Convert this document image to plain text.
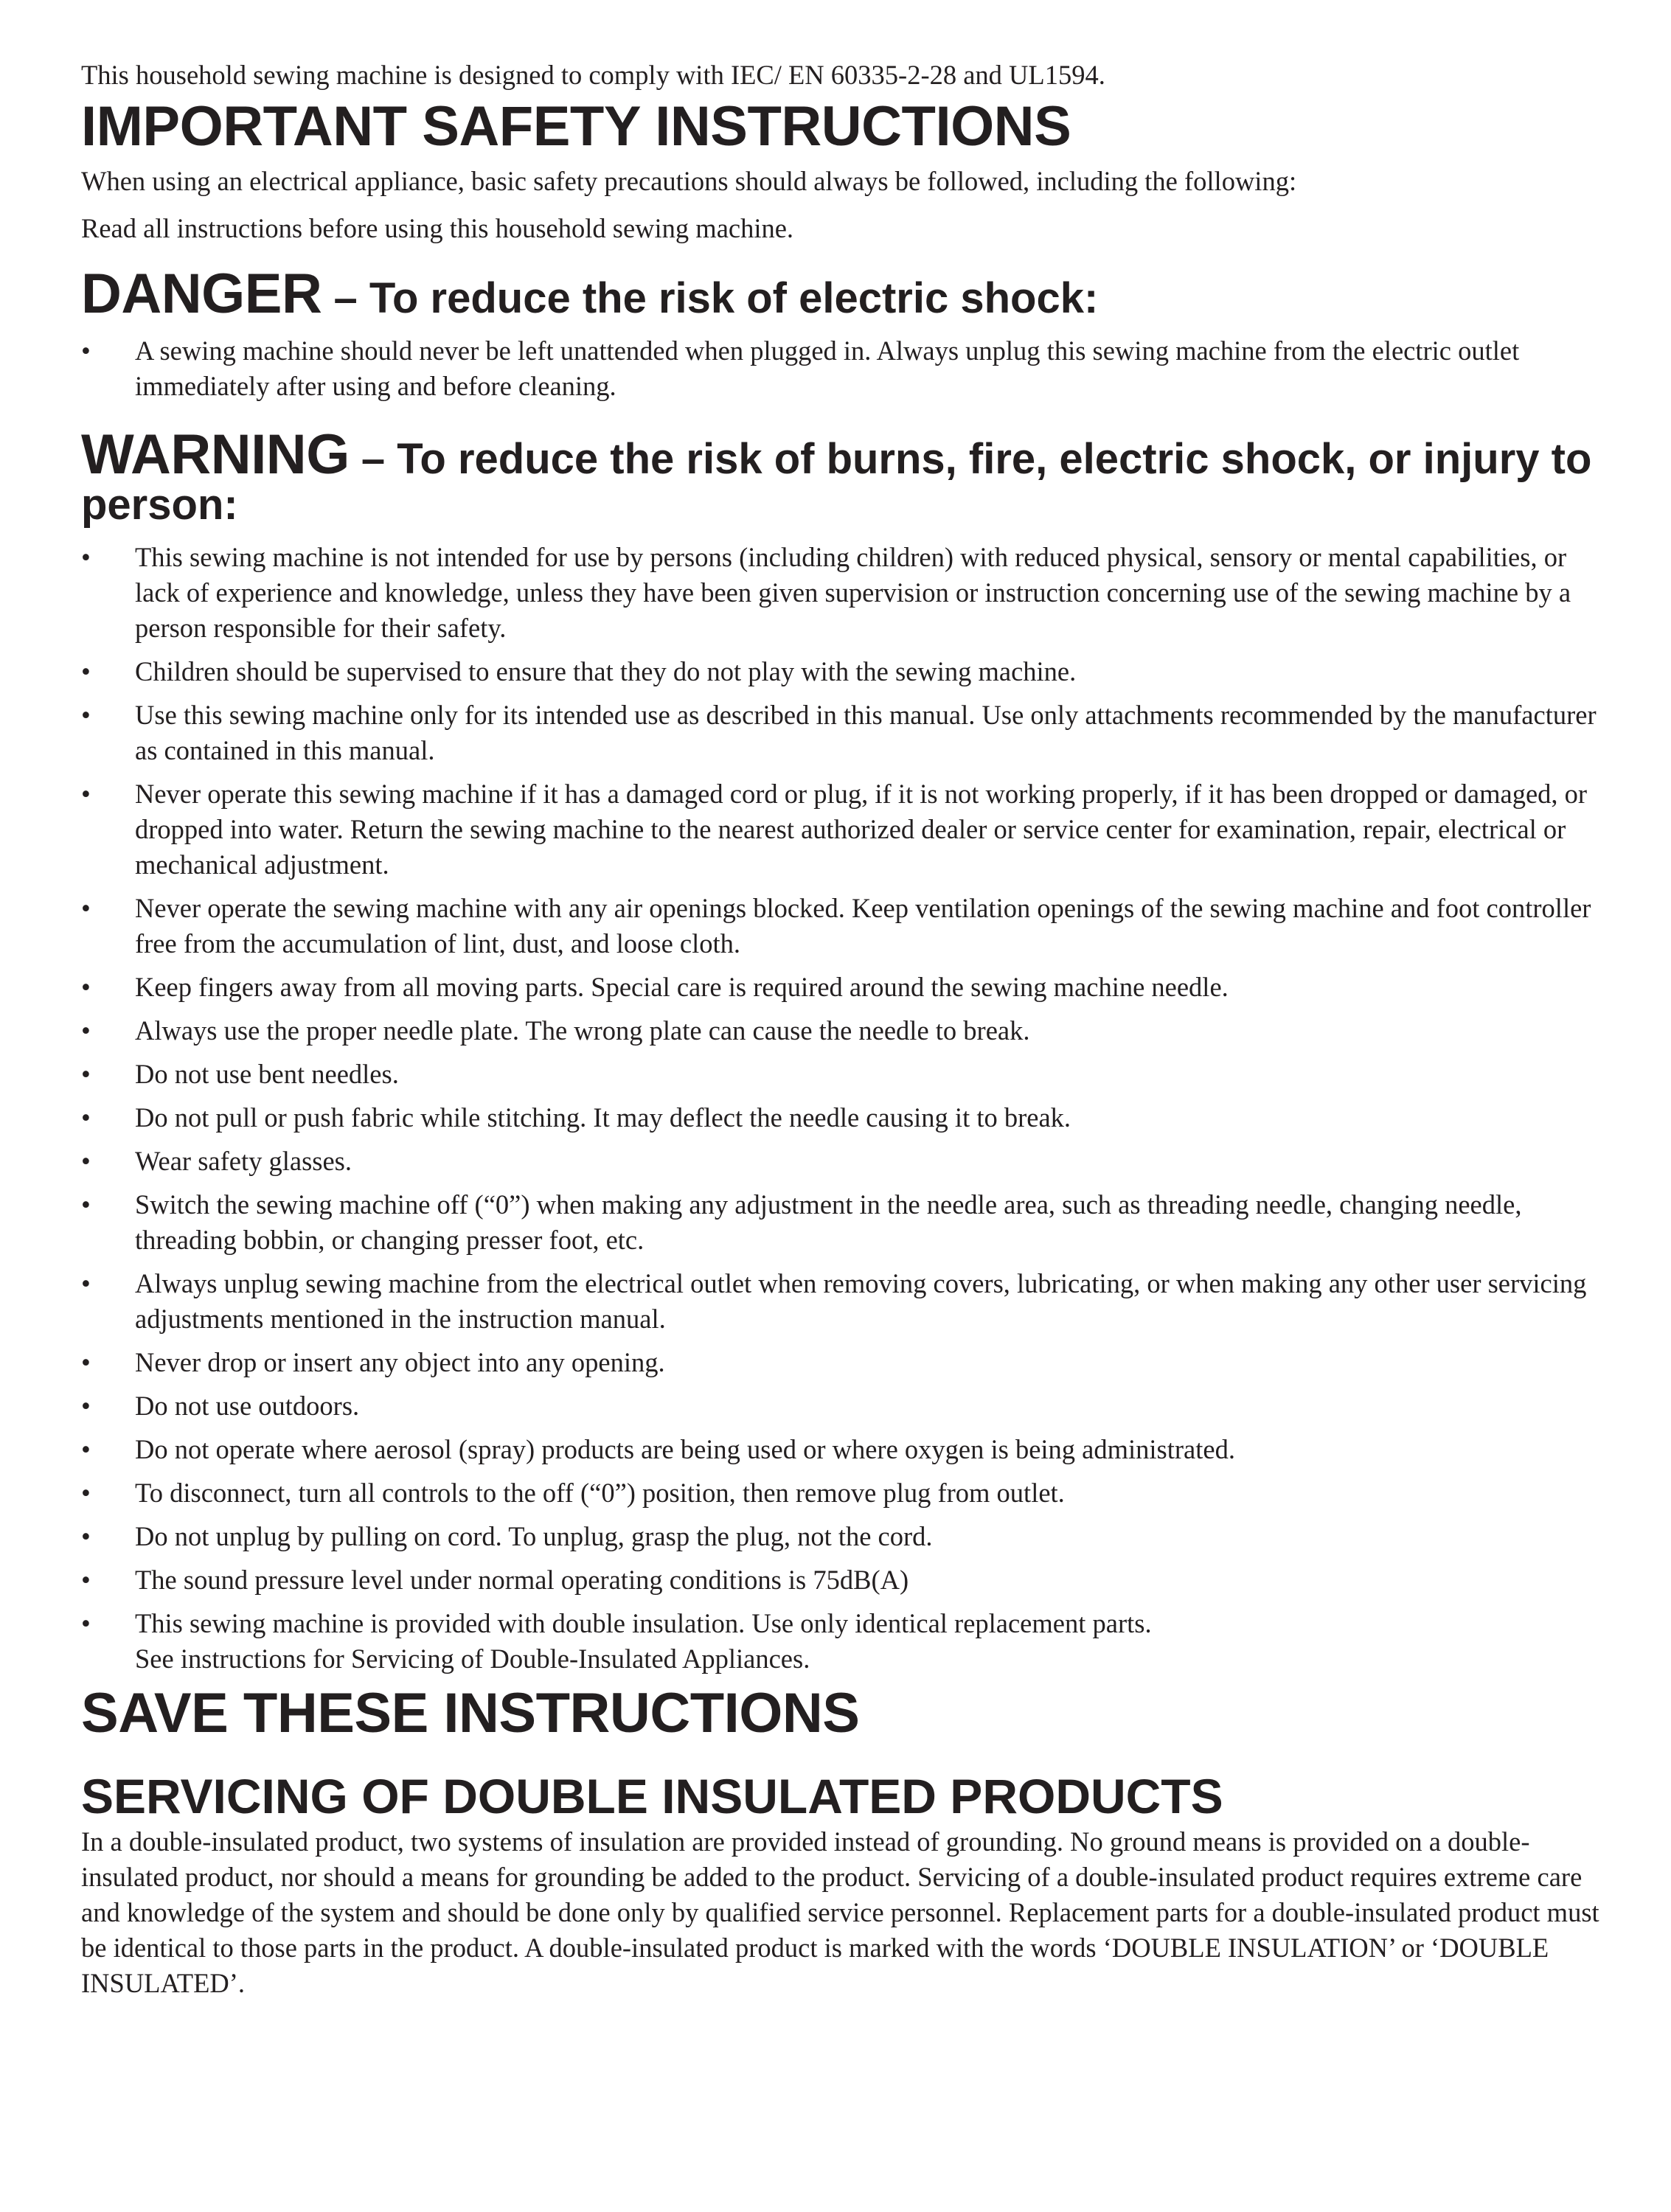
This household sewing machine is designed to comply with IEC/ EN 60335-2-28 and UL1594.

IMPORTANT SAFETY INSTRUCTIONS

When using an electrical appliance, basic safety precautions should always be followed, including the following:

Read all instructions before using this household sewing machine.

DANGER – To reduce the risk of electric shock:
•	A sewing machine should never be left unattended when plugged in. Always unplug this sewing machine from the electric outlet immediately after using and before cleaning.
WARNING – To reduce the risk of burns, fire, electric shock, or injury to person:
•	This sewing machine is not intended for use by persons (including children) with reduced physical, sensory or mental capabilities, or lack of experience and knowledge, unless they have been given supervision or instruction concerning use of the sewing machine by a person responsible for their safety.
•	Children should be supervised to ensure that they do not play with the sewing machine.
•	Use this sewing machine only for its intended use as described in this manual. Use only attachments recommended by the manufacturer as contained in this manual.
•	Never operate this sewing machine if it has a damaged cord or plug, if it is not working properly, if it has been dropped or damaged, or dropped into water. Return the sewing machine to the nearest authorized dealer or service center for examination, repair, electrical or mechanical adjustment.
•	Never operate the sewing machine with any air openings blocked. Keep ventilation openings of the sewing machine and foot controller free from the accumulation of lint, dust, and loose cloth.
•	Keep fingers away from all moving parts. Special care is required around the sewing machine needle.
•	Always use the proper needle plate. The wrong plate can cause the needle to break.
•	Do not use bent needles.
•	Do not pull or push fabric while stitching. It may deflect the needle causing it to break.
•	Wear safety glasses.
•	Switch the sewing machine off (“0”) when making any adjustment in the needle area, such as threading needle, changing needle, threading bobbin, or changing presser foot, etc.
•	Always unplug sewing machine from the electrical outlet when removing covers, lubricating, or when making any other user servicing adjustments mentioned in the instruction manual.
•	Never drop or insert any object into any opening.
•	Do not use outdoors.
•	Do not operate where aerosol (spray) products are being used or where oxygen is being administrated.
•	To disconnect, turn all controls to the off (“0”) position, then remove plug from outlet.
•	Do not unplug by pulling on cord. To unplug, grasp the plug, not the cord.
•	The sound pressure level under normal operating conditions is 75dB(A)
•	This sewing machine is provided with double insulation. Use only identical replacement parts.
See instructions for Servicing of Double-Insulated Appliances.
SAVE THESE INSTRUCTIONS
SERVICING OF DOUBLE INSULATED PRODUCTS

In a double-insulated product, two systems of insulation are provided instead of grounding. No ground means is provided on a double-insulated product, nor should a means for grounding be added to the product. Servicing of a double-insulated product requires extreme care and knowledge of the system and should be done only by qualified service personnel. Replacement parts for a double-insulated product must be identical to those parts in the product. A double-insulated product is marked with the words ‘DOUBLE INSULATION’ or ‘DOUBLE INSULATED’.
